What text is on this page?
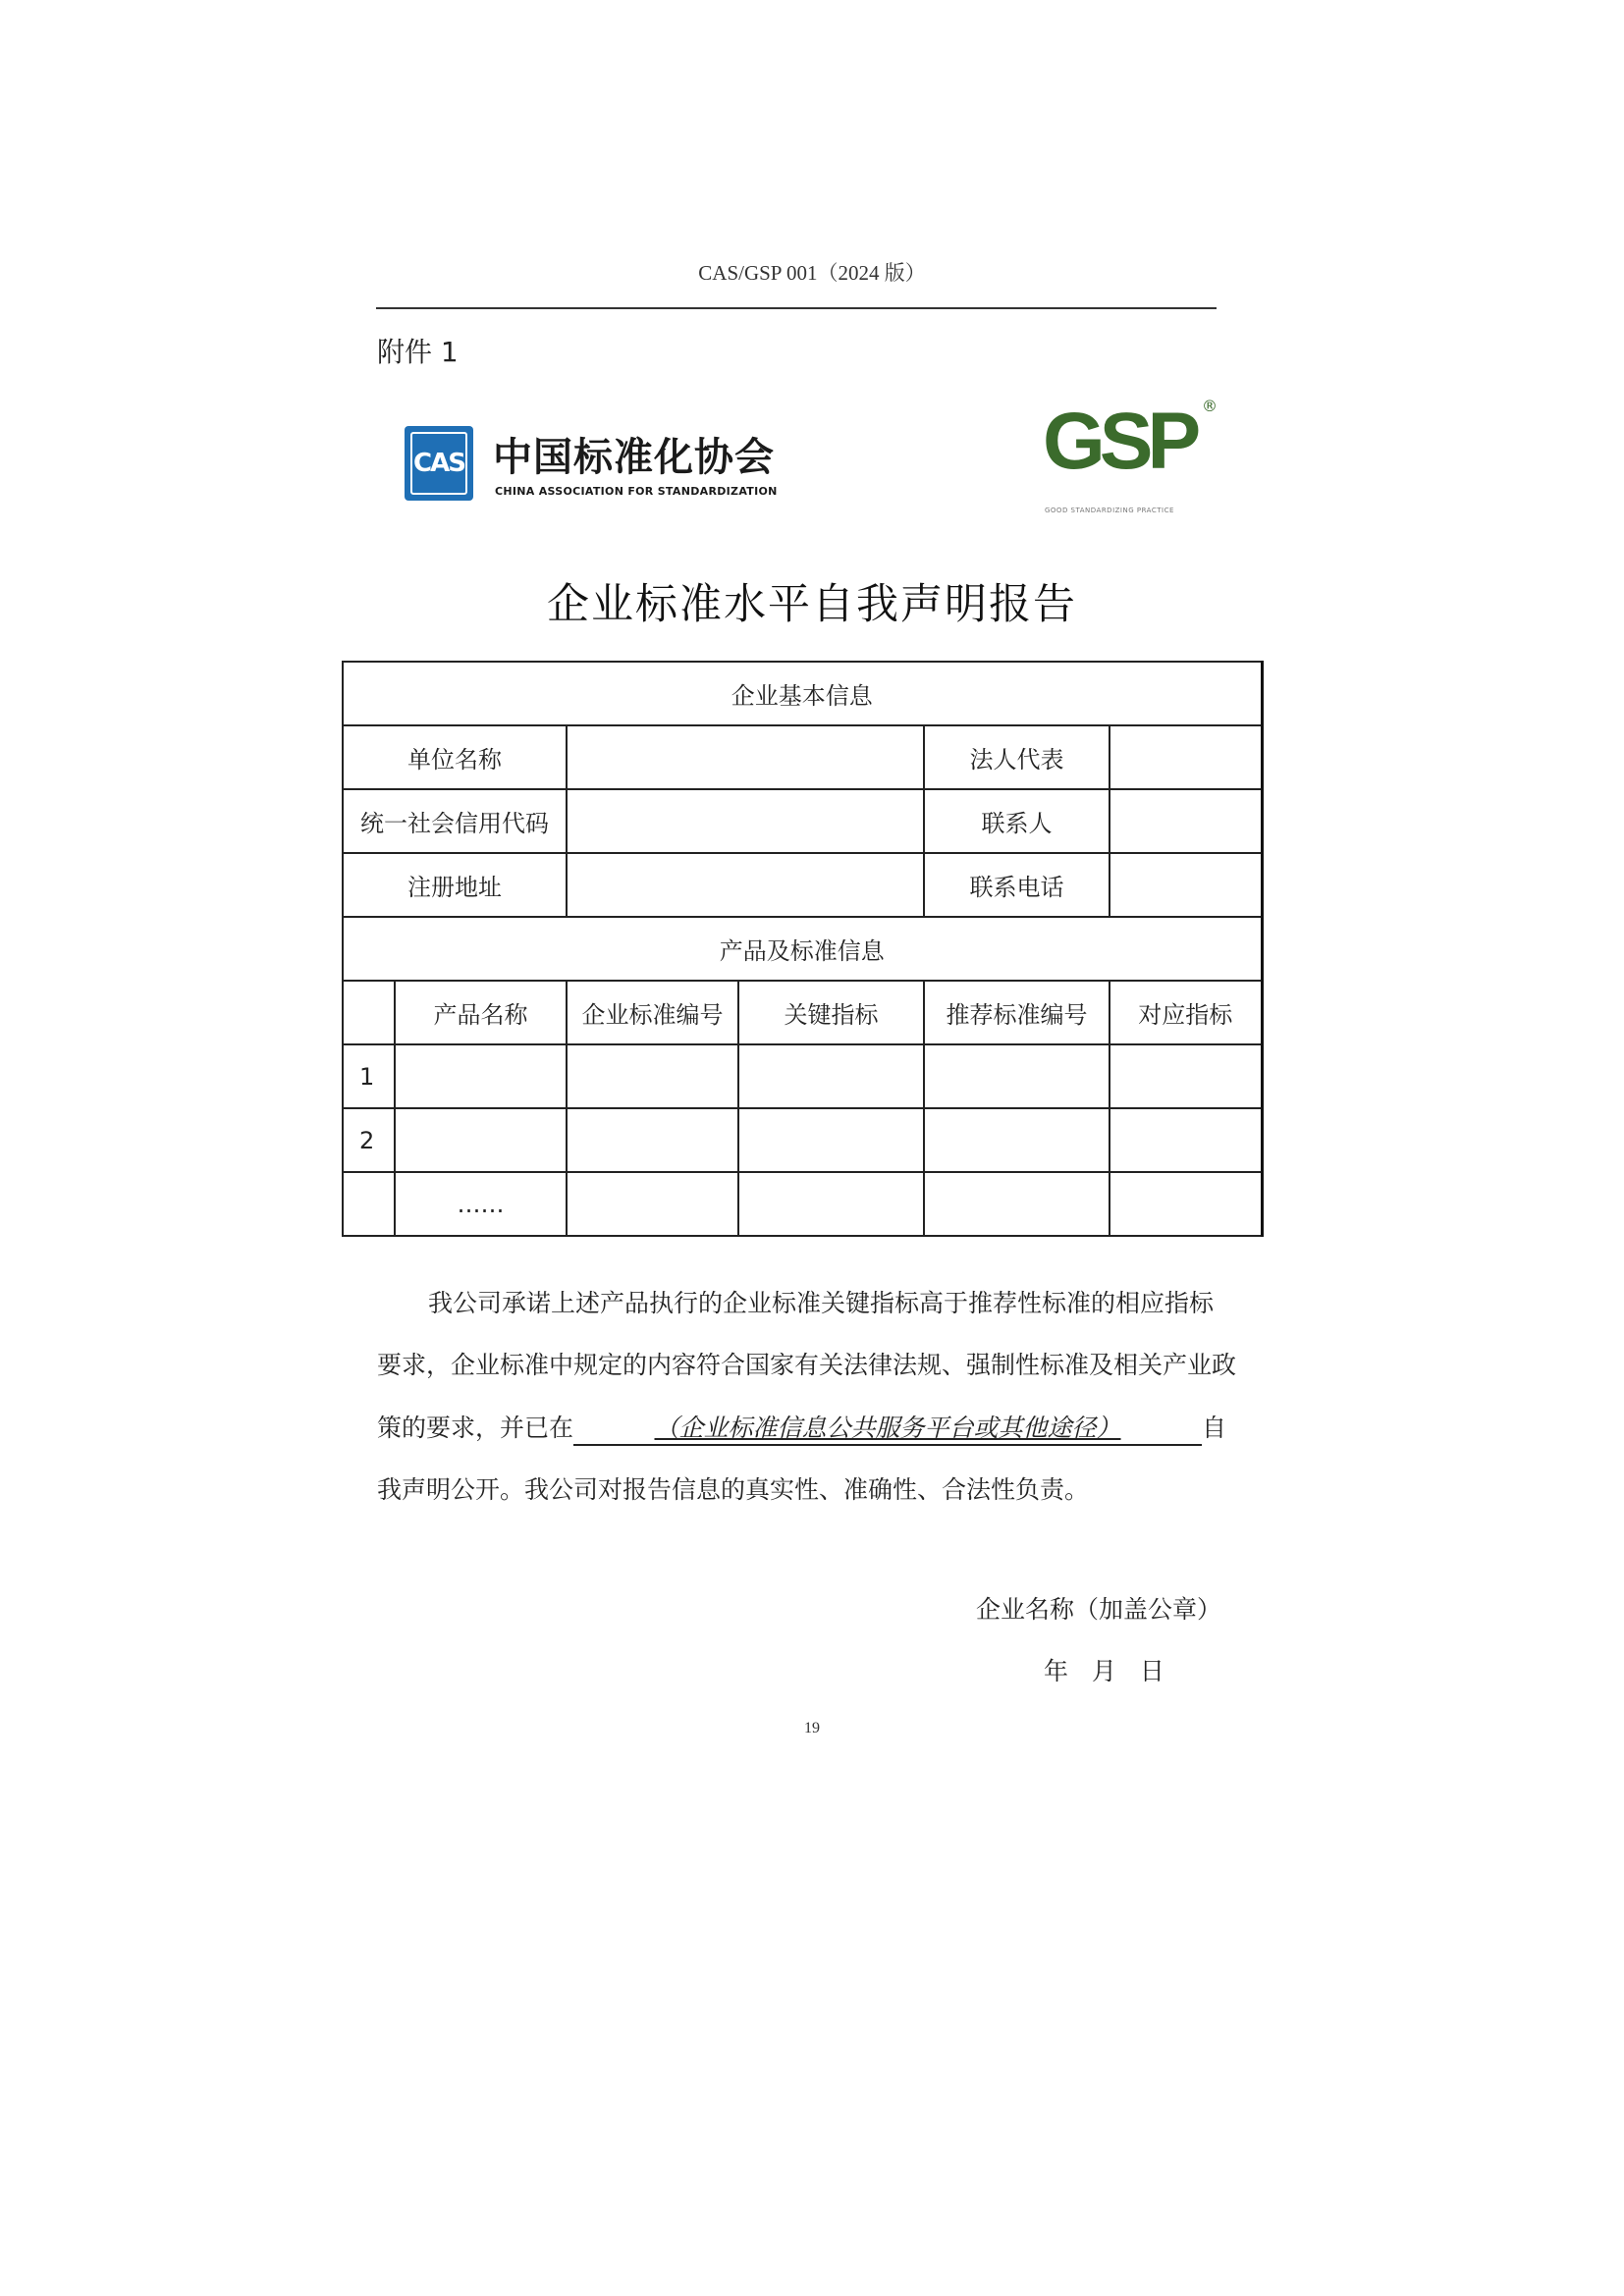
CAS/GSP 001（2024 版）
附件 1
CAS 中国标准化协会
CHINA ASSOCIATION FOR STANDARDIZATION
GSP ®
GOOD STANDARDIZING PRACTICE
企业标准水平自我声明报告
企业基本信息					
单位名称				法人代表	
统一社会信用代码				联系人	
注册地址				联系电话	
产品及标准信息					
	产品名称	企业标准编号	关键指标	推荐标准编号	对应指标
1					
2					
	……				
我公司承诺上述产品执行的企业标准关键指标高于推荐性标准的相应指标
要求，企业标准中规定的内容符合国家有关法律法规、强制性标准及相关产业政
策的要求，并已在	（企业标准信息公共服务平台或其他途径）	自
我声明公开。我公司对报告信息的真实性、准确性、合法性负责。
企业名称（加盖公章）
年 月 日
19
